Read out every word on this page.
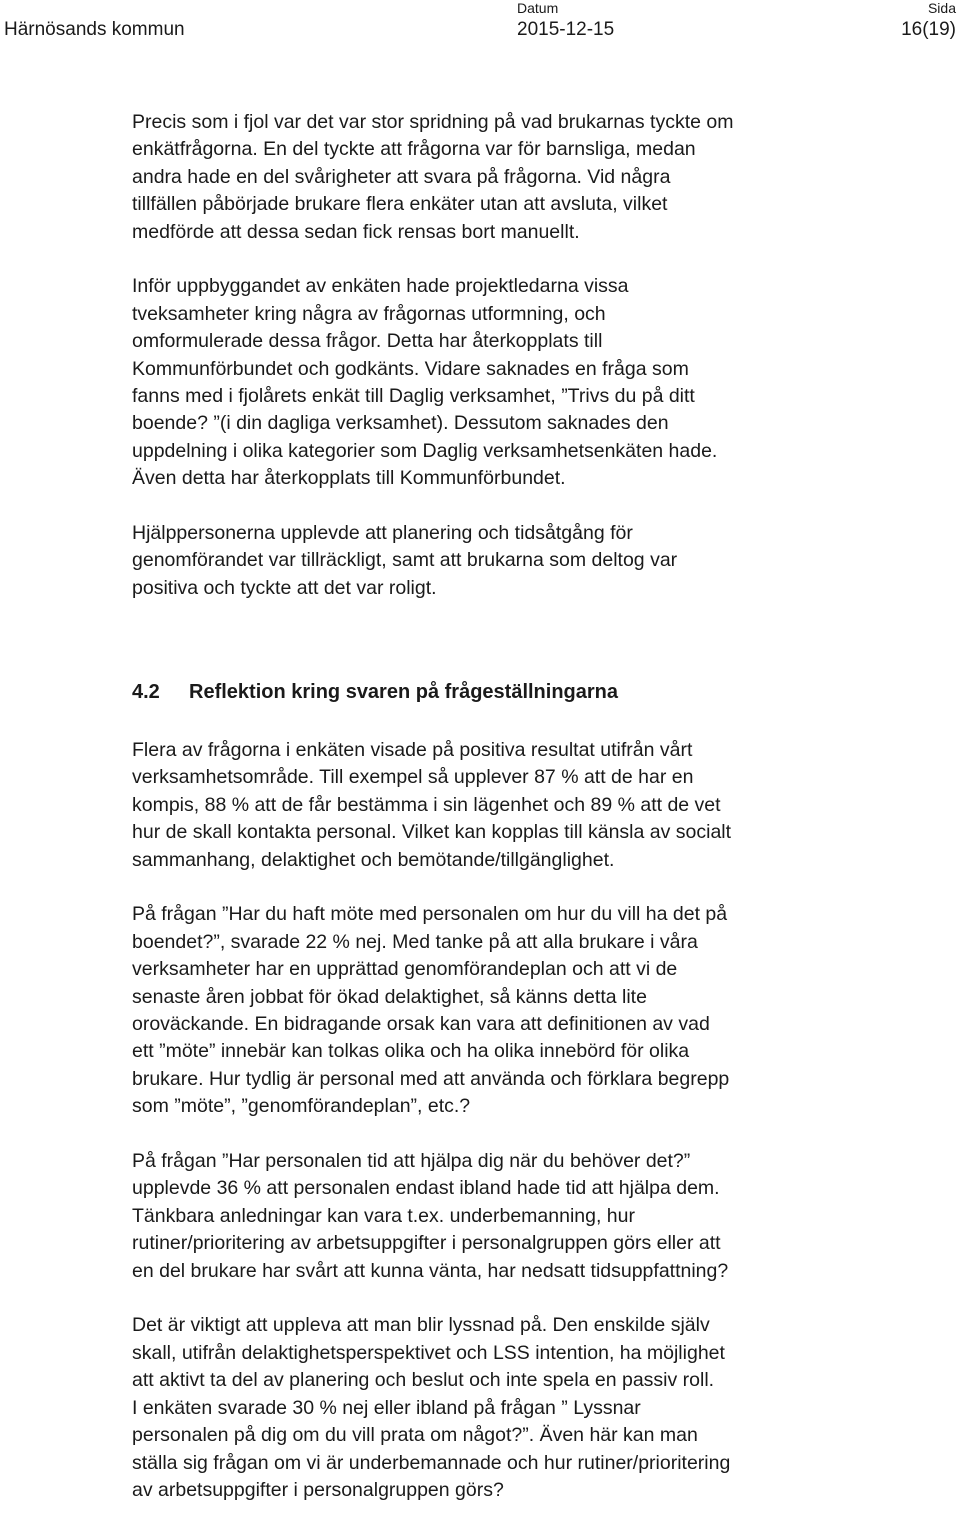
Härnösands kommun
Datum
2015-12-15
Sida
16(19)

Precis som i fjol var det var stor spridning på vad brukarnas tyckte om
enkätfrågorna. En del tyckte att frågorna var för barnsliga, medan
andra hade en del svårigheter att svara på frågorna. Vid några
tillfällen påbörjade brukare flera enkäter utan att avsluta, vilket
medförde att dessa sedan fick rensas bort manuellt.

Inför uppbyggandet av enkäten hade projektledarna vissa
tveksamheter kring några av frågornas utformning, och
omformulerade dessa frågor. Detta har återkopplats till
Kommunförbundet och godkänts. Vidare saknades en fråga som
fanns med i fjolårets enkät till Daglig verksamhet, ”Trivs du på ditt
boende? ”(i din dagliga verksamhet). Dessutom saknades den
uppdelning i olika kategorier som Daglig verksamhetsenkäten hade.
Även detta har återkopplats till Kommunförbundet.

Hjälppersonerna upplevde att planering och tidsåtgång för
genomförandet var tillräckligt, samt att brukarna som deltog var
positiva och tyckte att det var roligt.

4.2 Reflektion kring svaren på frågeställningarna

Flera av frågorna i enkäten visade på positiva resultat utifrån vårt
verksamhetsområde. Till exempel så upplever 87 % att de har en
kompis, 88 % att de får bestämma i sin lägenhet och 89 % att de vet
hur de skall kontakta personal. Vilket kan kopplas till känsla av socialt
sammanhang, delaktighet och bemötande/tillgänglighet.

På frågan ”Har du haft möte med personalen om hur du vill ha det på
boendet?”, svarade 22 % nej. Med tanke på att alla brukare i våra
verksamheter har en upprättad genomförandeplan och att vi de
senaste åren jobbat för ökad delaktighet, så känns detta lite
oroväckande. En bidragande orsak kan vara att definitionen av vad
ett ”möte” innebär kan tolkas olika och ha olika innebörd för olika
brukare. Hur tydlig är personal med att använda och förklara begrepp
som ”möte”, ”genomförandeplan”, etc.?

På frågan ”Har personalen tid att hjälpa dig när du behöver det?”
upplevde 36 % att personalen endast ibland hade tid att hjälpa dem.
Tänkbara anledningar kan vara t.ex. underbemanning, hur
rutiner/prioritering av arbetsuppgifter i personalgruppen görs eller att
en del brukare har svårt att kunna vänta, har nedsatt tidsuppfattning?

Det är viktigt att uppleva att man blir lyssnad på. Den enskilde själv
skall, utifrån delaktighetsperspektivet och LSS intention, ha möjlighet
att aktivt ta del av planering och beslut och inte spela en passiv roll.
I enkäten svarade 30 % nej eller ibland på frågan ” Lyssnar
personalen på dig om du vill prata om något?”. Även här kan man
ställa sig frågan om vi är underbemannade och hur rutiner/prioritering
av arbetsuppgifter i personalgruppen görs?
